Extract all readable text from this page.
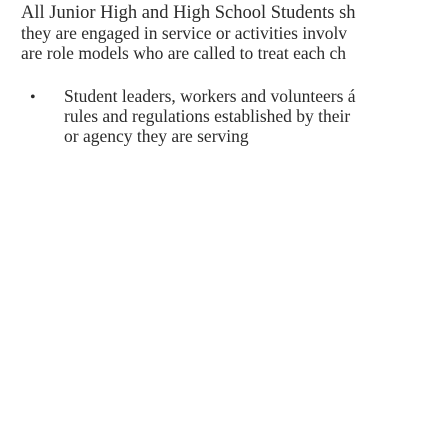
All Junior High and High School Students sh
they are engaged in service or activities involv
are role models who are called to treat each ch
• Student leaders, workers and volunteers á
rules and regulations established by their
or agency they are serving
